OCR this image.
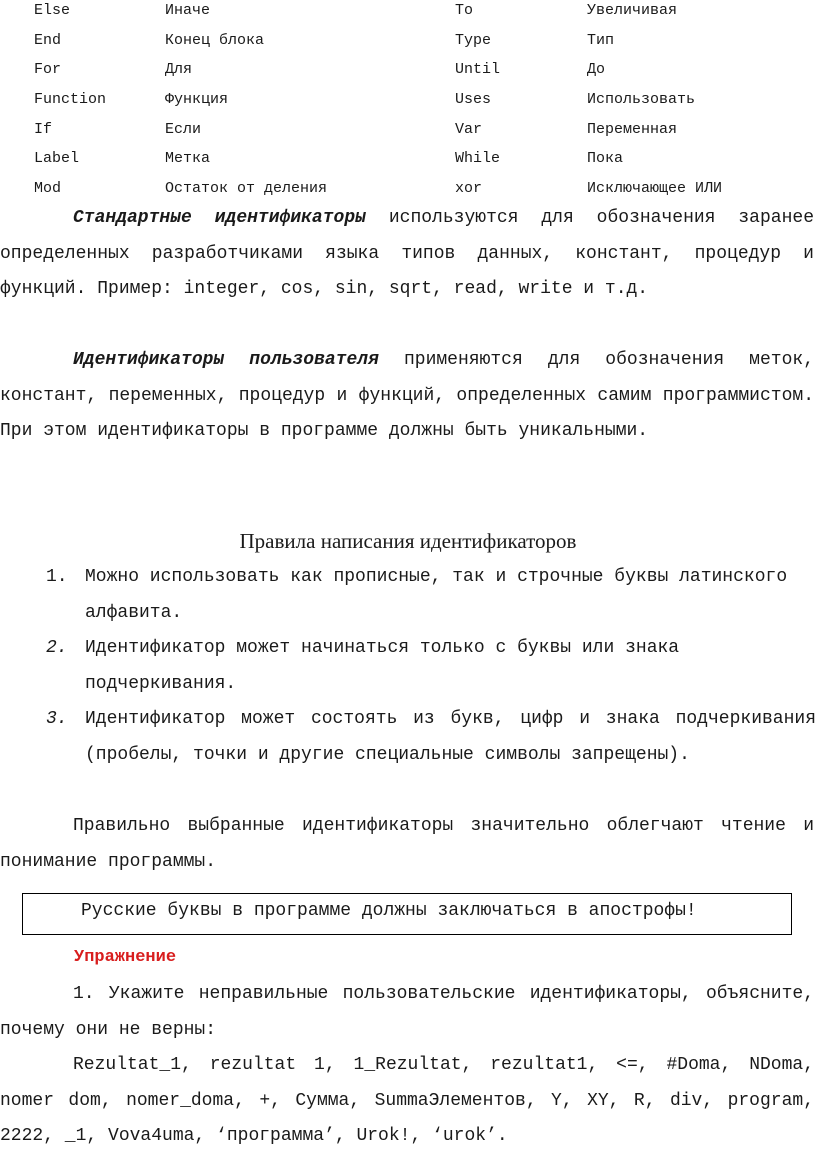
Else	Иначе	To	Увеличивая
End	Конец блока	Type	Тип
For	Для	Until	До
Function	Функция	Uses	Использовать
If	Если	Var	Переменная
Label	Метка	While	Пока
Mod	Остаток от деления	xor	Исключающее ИЛИ

Стандартные идентификаторы используются для обозначения заранее определенных разработчиками языка типов данных, констант, процедур и функций. Пример: integer, cos, sin, sqrt, read, write и т.д.

Идентификаторы пользователя применяются для обозначения меток, констант, переменных, процедур и функций, определенных самим программистом. При этом идентификаторы в программе должны быть уникальными.

Правила написания идентификаторов

1. Можно использовать как прописные, так и строчные буквы латинского алфавита.

2. Идентификатор может начинаться только с буквы или знака подчеркивания.

3. Идентификатор может состоять из букв, цифр и знака подчеркивания (пробелы, точки и другие специальные символы запрещены).

Правильно выбранные идентификаторы значительно облегчают чтение и понимание программы.

Русские буквы в программе должны заключаться в апострофы!
Упражнение

1. Укажите неправильные пользовательские идентификаторы, объясните, почему они не верны:

Rezultat_1, rezultat 1, 1_Rezultat, rezultat1, <=, #Doma, NDoma, nomer dom, nomer_doma, +, Сумма, SummaЭлементов, Y, XY, R, div, program, 2222, _1, Vova4uma, ‘программа’, Urok!, ‘urok’.
